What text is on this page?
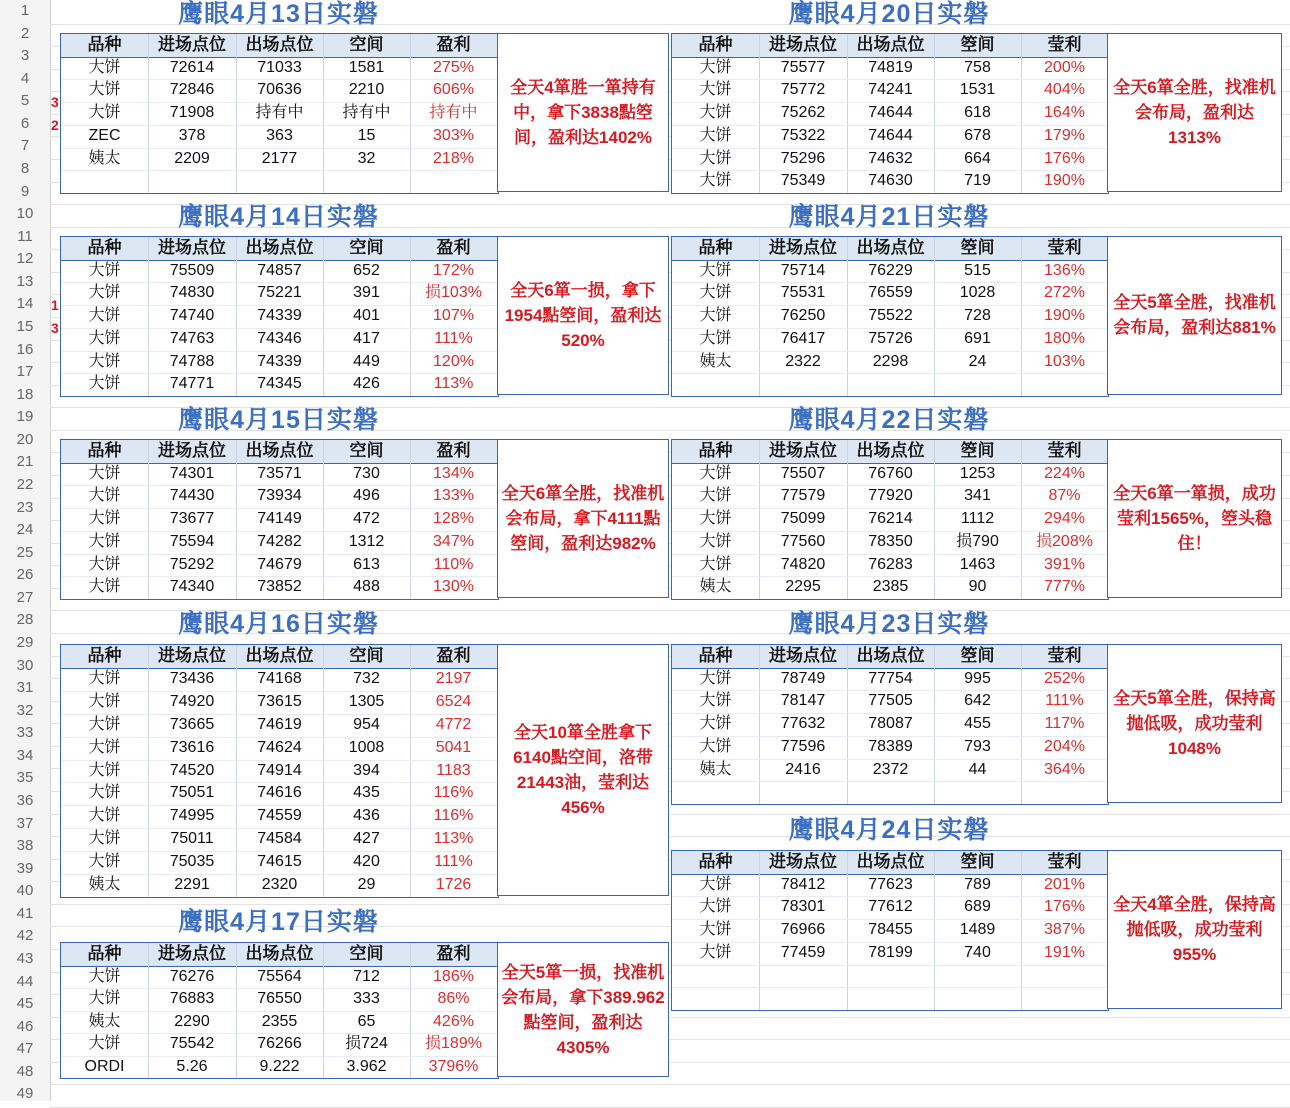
1
2
3
4
5
6
7
8
9
10
11
12
13
14
15
16
17
18
19
20
21
22
23
24
25
26
27
28
29
30
31
32
33
34
35
36
37
38
39
40
41
42
43
44
45
46
47
48
49
3
2
1
3
鹰眼4月13日实磐
品种	进场点位	出场点位	空间	盈利
大饼	72614	71033	1581	275%
大饼	72846	70636	2210	606%
大饼	71908	持有中	持有中	持有中
ZEC	378	363	15	303%
姨太	2209	2177	32	218%
全天4箪胜一箪持有中，拿下3838點箜间，盈利达1402%
鹰眼4月20日实磐
品种	进场点位	出场点位	箜间	莹利
大饼	75577	74819	758	200%
大饼	75772	74241	1531	404%
大饼	75262	74644	618	164%
大饼	75322	74644	678	179%
大饼	75296	74632	664	176%
大饼	75349	74630	719	190%
全天6箪全胜，找准机会布局，盈利达1313%
鹰眼4月14日实磐
品种	进场点位	出场点位	空间	盈利
大饼	75509	74857	652	172%
大饼	74830	75221	391	损103%
大饼	74740	74339	401	107%
大饼	74763	74346	417	111%
大饼	74788	74339	449	120%
大饼	74771	74345	426	113%
全天6箪一损，拿下1954點箜间，盈利达520%
鹰眼4月21日实磐
品种	进场点位	出场点位	箜间	莹利
大饼	75714	76229	515	136%
大饼	75531	76559	1028	272%
大饼	76250	75522	728	190%
大饼	76417	75726	691	180%
姨太	2322	2298	24	103%
全天5箪全胜，找准机会布局，盈利达881%
鹰眼4月15日实磐
品种	进场点位	出场点位	空间	盈利
大饼	74301	73571	730	134%
大饼	74430	73934	496	133%
大饼	73677	74149	472	128%
大饼	75594	74282	1312	347%
大饼	75292	74679	613	110%
大饼	74340	73852	488	130%
全天6箪全胜，找准机会布局，拿下4111點箜间，盈利达982%
鹰眼4月22日实磐
品种	进场点位	出场点位	箜间	莹利
大饼	75507	76760	1253	224%
大饼	77579	77920	341	87%
大饼	75099	76214	1112	294%
大饼	77560	78350	损790	损208%
大饼	74820	76283	1463	391%
姨太	2295	2385	90	777%
全天6箪一箪损，成功莹利1565%，箜头稳住！
鹰眼4月16日实磐
品种	进场点位	出场点位	空间	盈利
大饼	73436	74168	732	2197
大饼	74920	73615	1305	6524
大饼	73665	74619	954	4772
大饼	73616	74624	1008	5041
大饼	74520	74914	394	1183
大饼	75051	74616	435	116%
大饼	74995	74559	436	116%
大饼	75011	74584	427	113%
大饼	75035	74615	420	111%
姨太	2291	2320	29	1726
全天10箪全胜拿下6140點空间，洛带21443油，莹利达456%
鹰眼4月23日实磐
品种	进场点位	出场点位	箜间	莹利
大饼	78749	77754	995	252%
大饼	78147	77505	642	111%
大饼	77632	78087	455	117%
大饼	77596	78389	793	204%
姨太	2416	2372	44	364%
全天5箪全胜，保持高抛低吸，成功莹利1048%
鹰眼4月24日实磐
品种	进场点位	出场点位	箜间	莹利
大饼	78412	77623	789	201%
大饼	78301	77612	689	176%
大饼	76966	78455	1489	387%
大饼	77459	78199	740	191%
全天4箪全胜，保持高抛低吸，成功莹利955%
鹰眼4月17日实磐
品种	进场点位	出场点位	空间	盈利
大饼	76276	75564	712	186%
大饼	76883	76550	333	86%
姨太	2290	2355	65	426%
大饼	75542	76266	损724	损189%
ORDI	5.26	9.222	3.962	3796%
全天5箪一损，找准机会布局，拿下389.962點箜间，盈利达4305%
